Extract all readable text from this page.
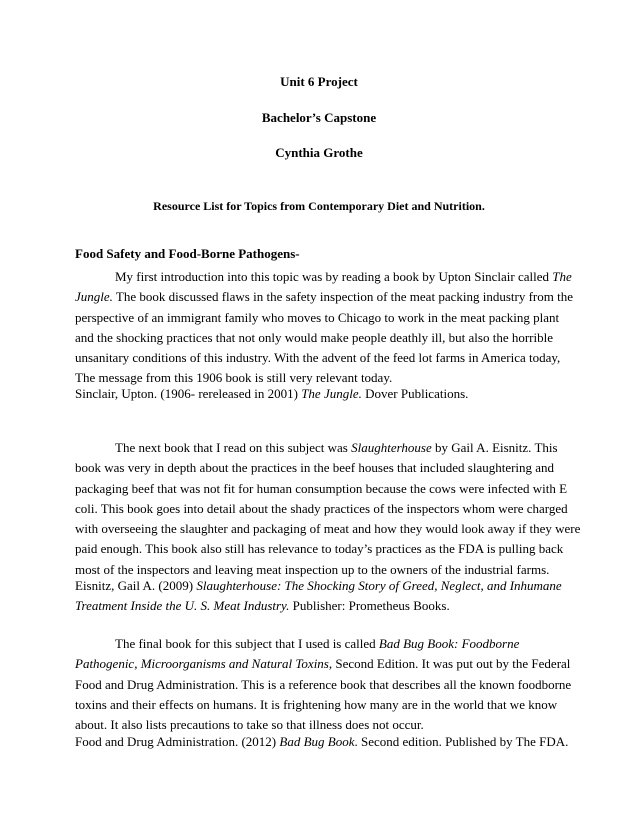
Unit 6 Project

Bachelor’s Capstone

Cynthia Grothe

Resource List for Topics from Contemporary Diet and Nutrition.

Food Safety and Food-Borne Pathogens-

My first introduction into this topic was by reading a book by Upton Sinclair called The
Jungle. The book discussed flaws in the safety inspection of the meat packing industry from the
perspective of an immigrant family who moves to Chicago to work in the meat packing plant
and the shocking practices that not only would make people deathly ill, but also the horrible
unsanitary conditions of this industry. With the advent of the feed lot farms in America today,
The message from this 1906 book is still very relevant today.
Sinclair, Upton. (1906- rereleased in 2001) The Jungle. Dover Publications.
The next book that I read on this subject was Slaughterhouse by Gail A. Eisnitz. This
book was very in depth about the practices in the beef houses that included slaughtering and
packaging beef that was not fit for human consumption because the cows were infected with E
coli. This book goes into detail about the shady practices of the inspectors whom were charged
with overseeing the slaughter and packaging of meat and how they would look away if they were
paid enough. This book also still has relevance to today’s practices as the FDA is pulling back
most of the inspectors and leaving meat inspection up to the owners of the industrial farms.
Eisnitz, Gail A. (2009) Slaughterhouse: The Shocking Story of Greed, Neglect, and Inhumane
Treatment Inside the U. S. Meat Industry. Publisher: Prometheus Books.
The final book for this subject that I used is called Bad Bug Book: Foodborne
Pathogenic, Microorganisms and Natural Toxins, Second Edition. It was put out by the Federal
Food and Drug Administration. This is a reference book that describes all the known foodborne
toxins and their effects on humans. It is frightening how many are in the world that we know
about. It also lists precautions to take so that illness does not occur.
Food and Drug Administration. (2012) Bad Bug Book. Second edition. Published by The FDA.
